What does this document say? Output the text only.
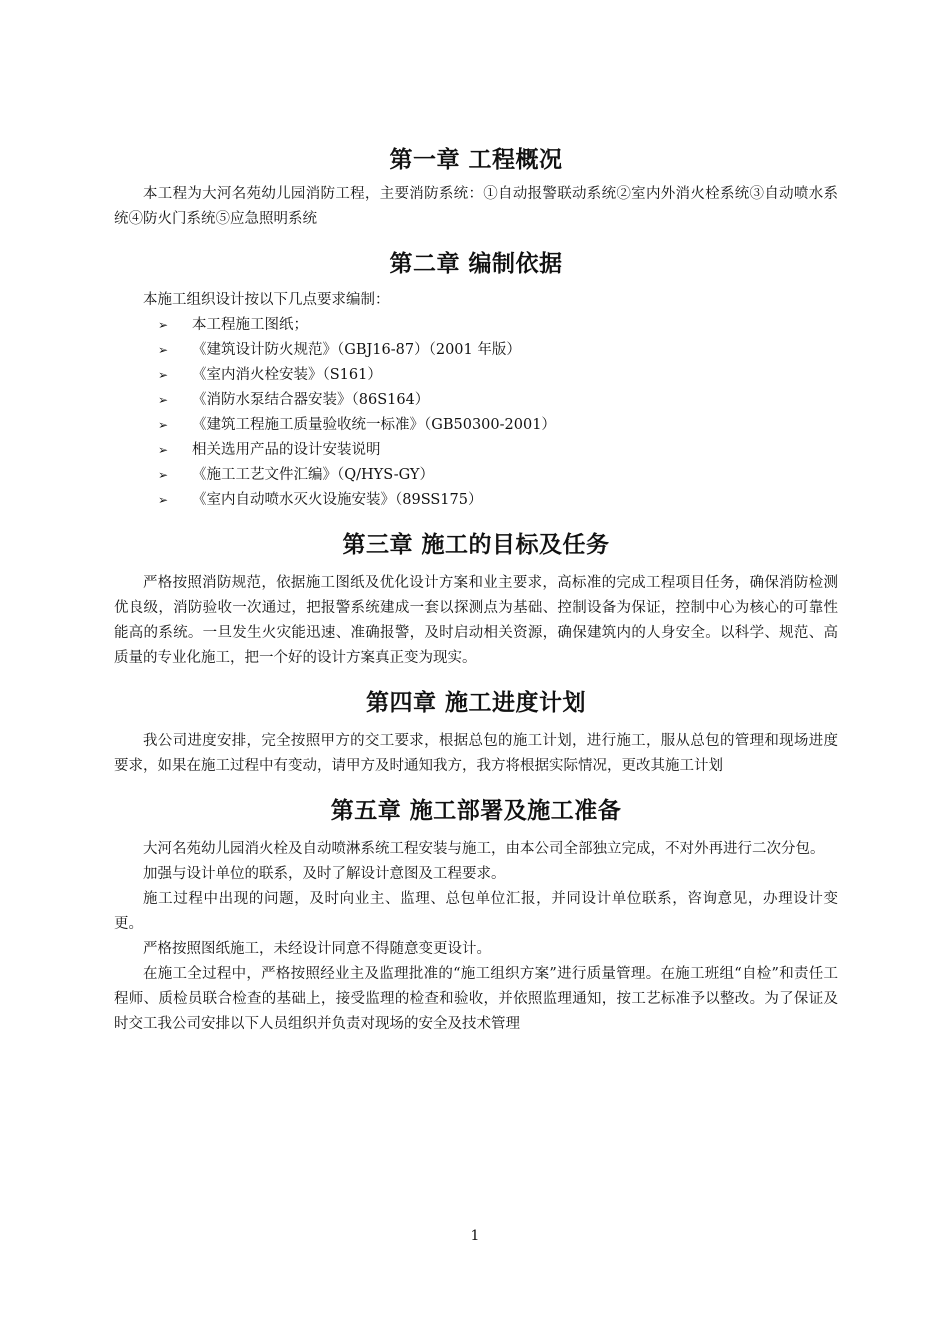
第一章 工程概况

本工程为大河名苑幼儿园消防工程，主要消防系统：①自动报警联动系统②室内外消火栓系统③自动喷水系统④防火门系统⑤应急照明系统

第二章 编制依据

本施工组织设计按以下几点要求编制：

➢ 本工程施工图纸；
➢ 《建筑设计防火规范》（GBJ16-87）（2001 年版）
➢ 《室内消火栓安装》（S161）
➢ 《消防水泵结合器安装》（86S164）
➢ 《建筑工程施工质量验收统一标准》（GB50300-2001）
➢ 相关选用产品的设计安装说明
➢ 《施工工艺文件汇编》（Q/HYS-GY）
➢ 《室内自动喷水灭火设施安装》（89SS175）
第三章 施工的目标及任务

严格按照消防规范，依据施工图纸及优化设计方案和业主要求，高标准的完成工程项目任务，确保消防检测优良级，消防验收一次通过，把报警系统建成一套以探测点为基础、控制设备为保证，控制中心为核心的可靠性能高的系统。一旦发生火灾能迅速、准确报警，及时启动相关资源，确保建筑内的人身安全。以科学、规范、高质量的专业化施工，把一个好的设计方案真正变为现实。

第四章 施工进度计划

我公司进度安排，完全按照甲方的交工要求，根据总包的施工计划，进行施工，服从总包的管理和现场进度要求，如果在施工过程中有变动，请甲方及时通知我方，我方将根据实际情况，更改其施工计划

第五章 施工部署及施工准备

大河名苑幼儿园消火栓及自动喷淋系统工程安装与施工，由本公司全部独立完成，不对外再进行二次分包。

加强与设计单位的联系，及时了解设计意图及工程要求。

施工过程中出现的问题，及时向业主、监理、总包单位汇报，并同设计单位联系，咨询意见，办理设计变更。

严格按照图纸施工，未经设计同意不得随意变更设计。

在施工全过程中，严格按照经业主及监理批准的“施工组织方案”进行质量管理。在施工班组“自检”和责任工程师、质检员联合检查的基础上，接受监理的检查和验收，并依照监理通知，按工艺标准予以整改。为了保证及时交工我公司安排以下人员组织并负责对现场的安全及技术管理

1
